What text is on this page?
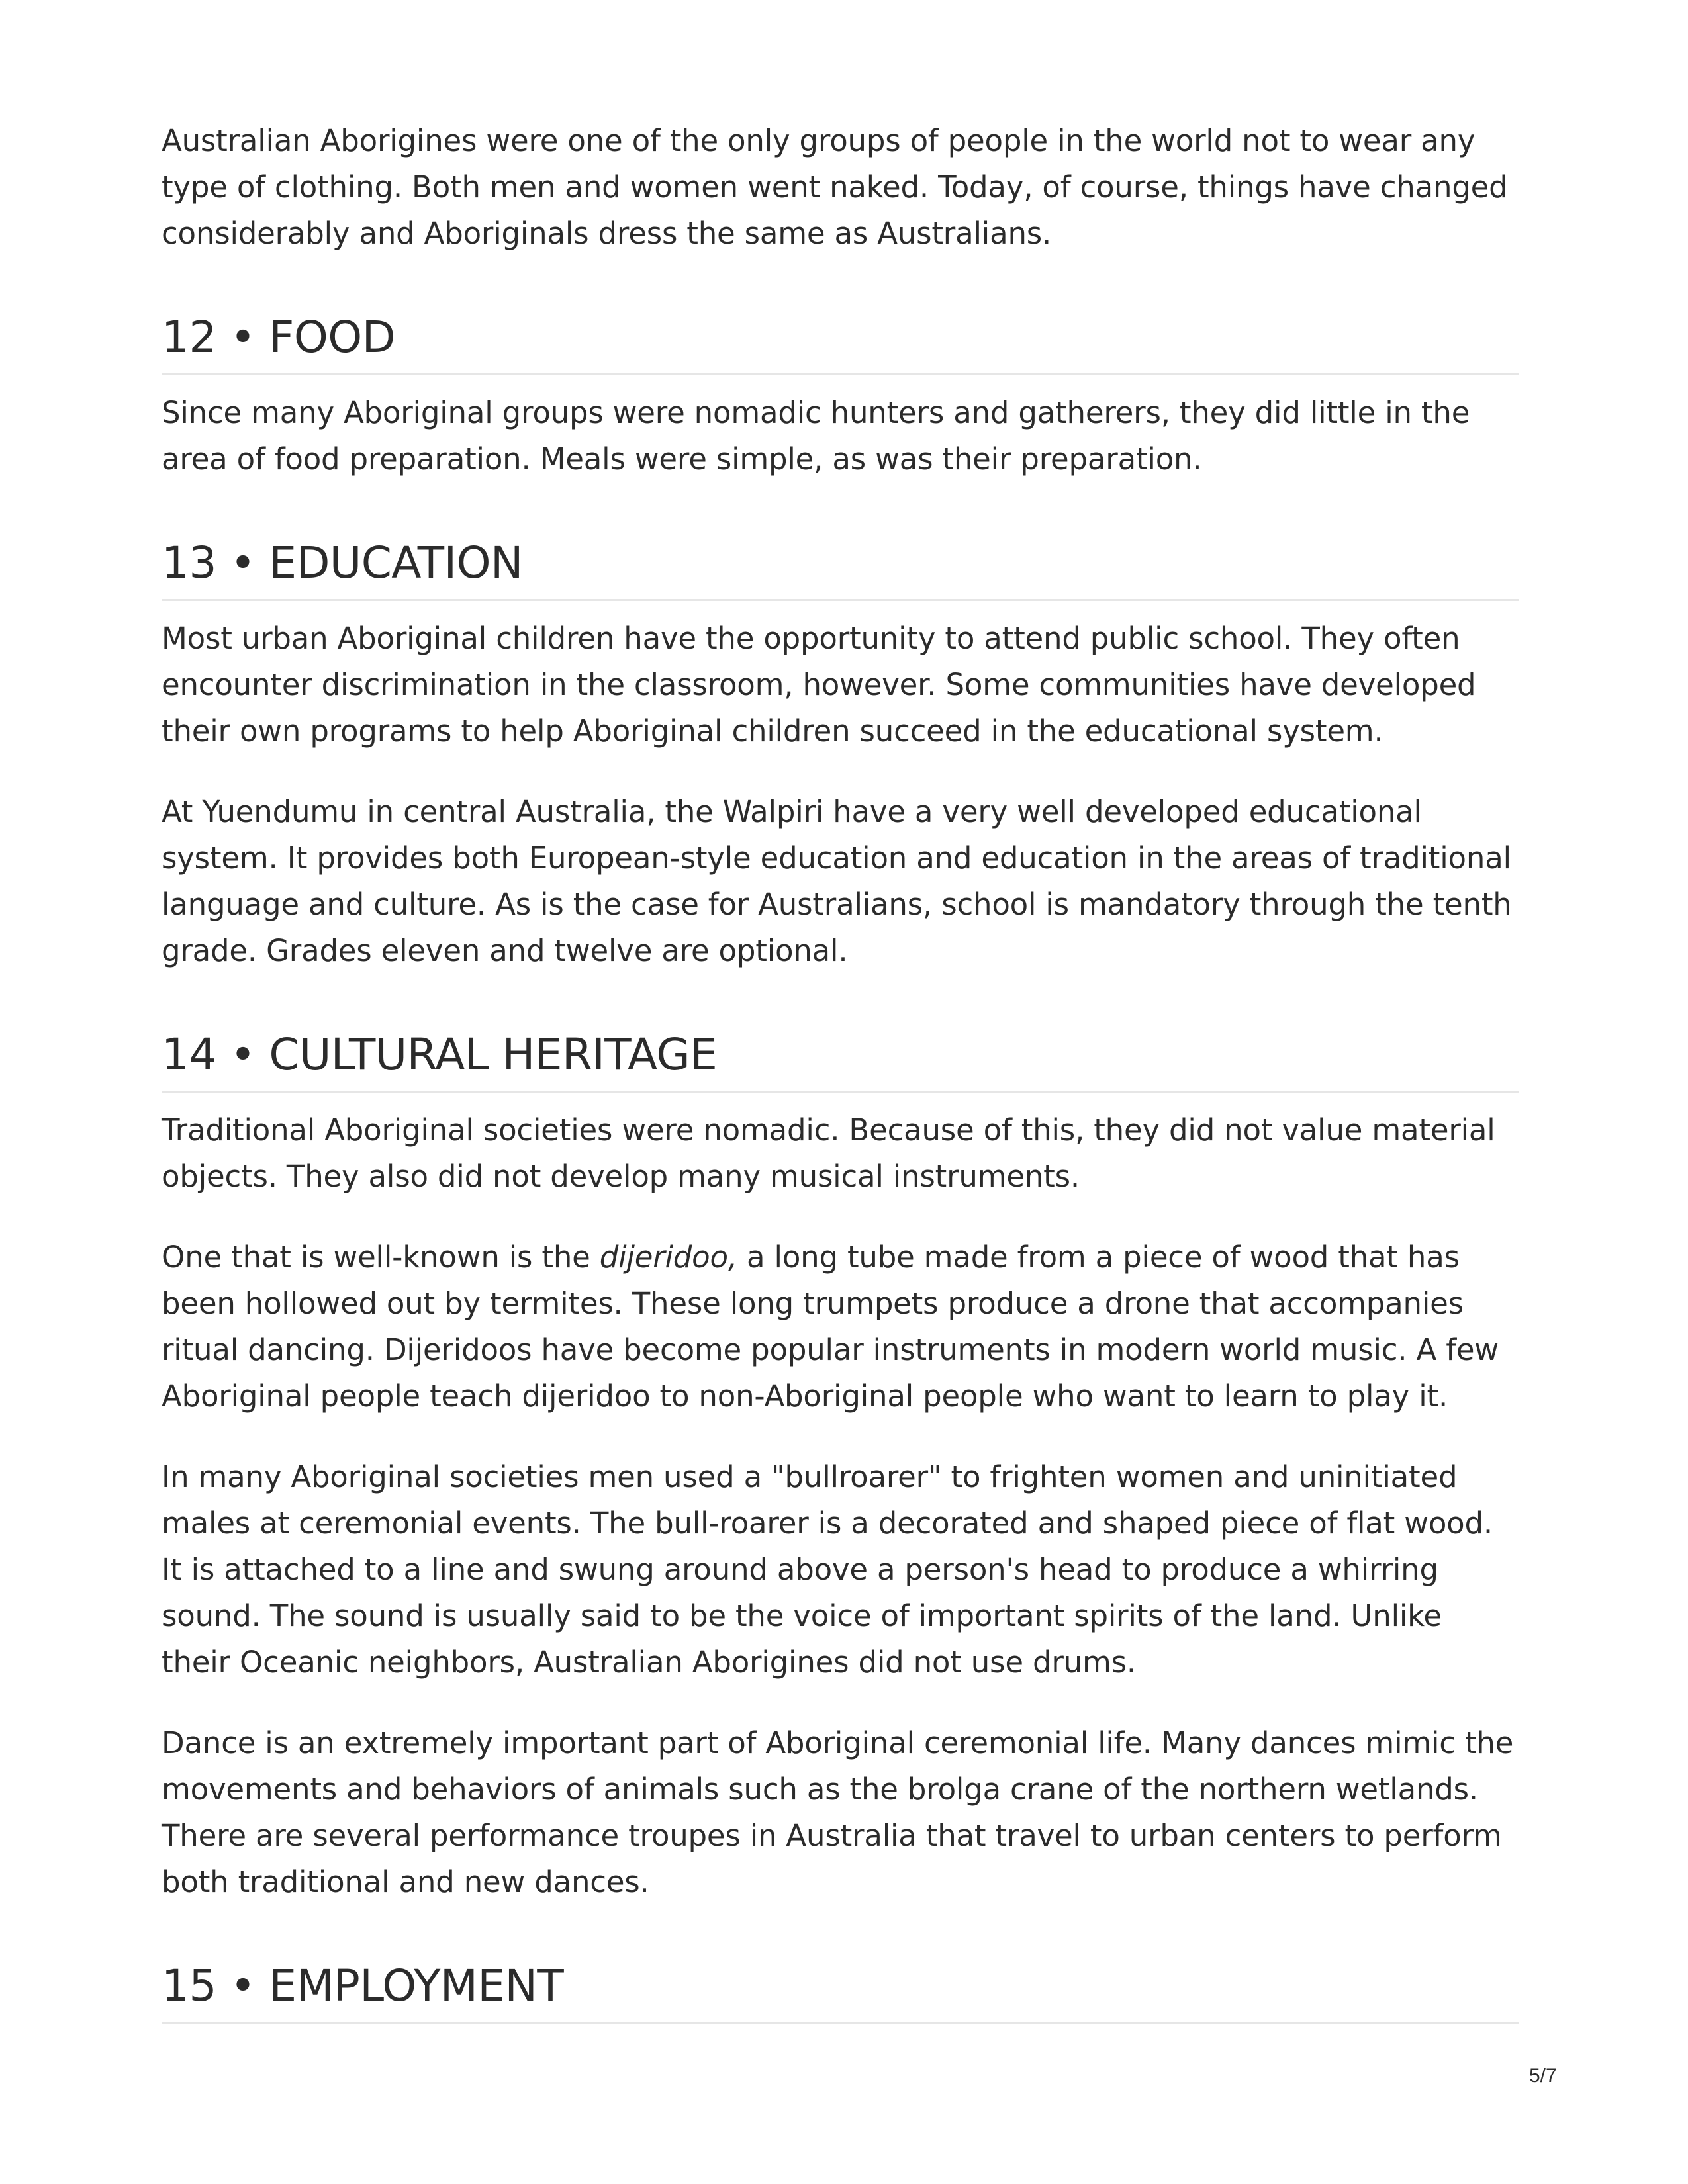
Australian Aborigines were one of the only groups of people in the world not to wear any type of clothing. Both men and women went naked. Today, of course, things have changed considerably and Aboriginals dress the same as Australians.

12 • FOOD

Since many Aboriginal groups were nomadic hunters and gatherers, they did little in the area of food preparation. Meals were simple, as was their preparation.

13 • EDUCATION

Most urban Aboriginal children have the opportunity to attend public school. They often encounter discrimination in the classroom, however. Some communities have developed their own programs to help Aboriginal children succeed in the educational system.

At Yuendumu in central Australia, the Walpiri have a very well developed educational system. It provides both European-style education and education in the areas of traditional language and culture. As is the case for Australians, school is mandatory through the tenth grade. Grades eleven and twelve are optional.

14 • CULTURAL HERITAGE

Traditional Aboriginal societies were nomadic. Because of this, they did not value material objects. They also did not develop many musical instruments.

One that is well-known is the dijeridoo, a long tube made from a piece of wood that has been hollowed out by termites. These long trumpets produce a drone that accompanies ritual dancing. Dijeridoos have become popular instruments in modern world music. A few Aboriginal people teach dijeridoo to non-Aboriginal people who want to learn to play it.

In many Aboriginal societies men used a "bullroarer" to frighten women and uninitiated males at ceremonial events. The bull-roarer is a decorated and shaped piece of flat wood. It is attached to a line and swung around above a person's head to produce a whirring sound. The sound is usually said to be the voice of important spirits of the land. Unlike their Oceanic neighbors, Australian Aborigines did not use drums.

Dance is an extremely important part of Aboriginal ceremonial life. Many dances mimic the movements and behaviors of animals such as the brolga crane of the northern wetlands. There are several performance troupes in Australia that travel to urban centers to perform both traditional and new dances.

15 • EMPLOYMENT
5/7
